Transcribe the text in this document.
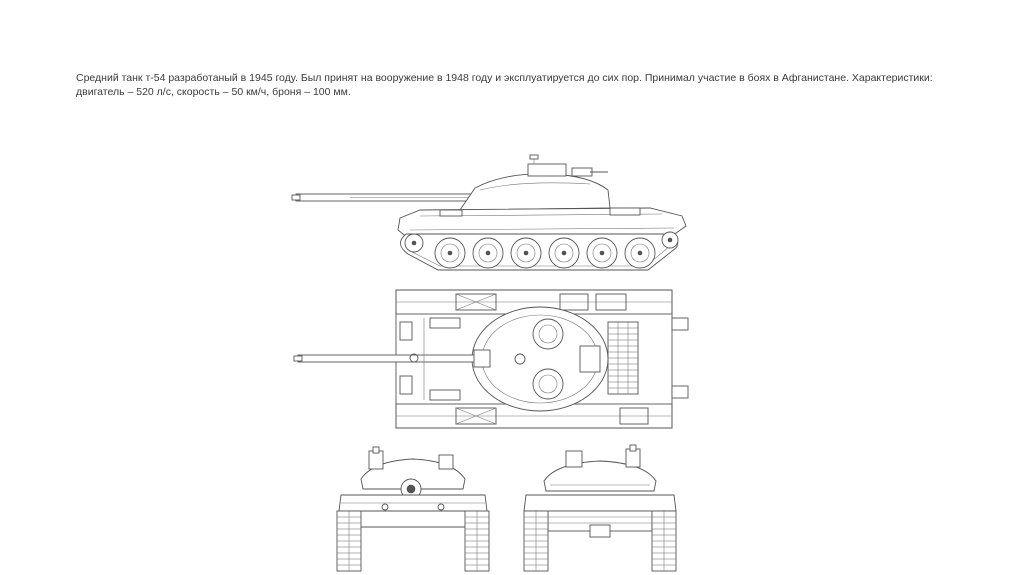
Средний танк т-54 разработаный в 1945 году. Был принят на вооружение в 1948 году и эксплуатируется до сих пор. Принимал участие в боях в Афганистане. Характеристики:
двигатель – 520 л/с, скорость – 50 км/ч, броня – 100 мм.
